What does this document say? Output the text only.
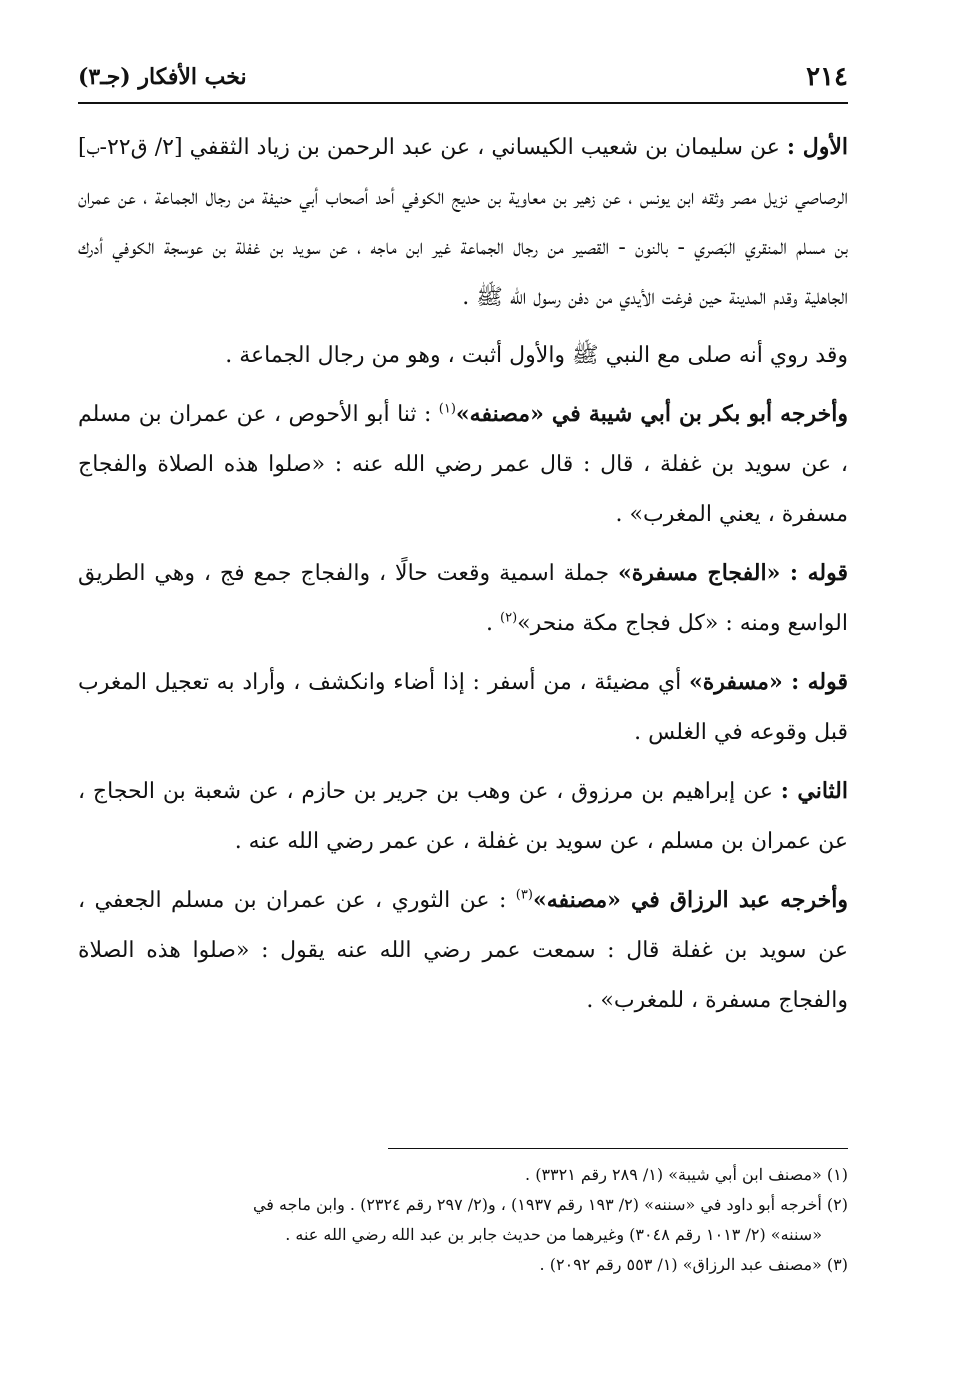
٢١٤
نخب الأفكار (جـ٣)

الأول : عن سليمان بن شعيب الكيساني ، عن عبد الرحمن بن زياد الثقفي [٢/ ق٢٢-ب] الرصاصي نزيل مصر وثقه ابن يونس ، عن زهير بن معاوية بن حديج الكوفي أحد أصحاب أبي حنيفة من رجال الجماعة ، عن عمران بن مسلم المنقري البَصري - بالنون - القصير من رجال الجماعة غير ابن ماجه ، عن سويد بن غفلة بن عوسجة الكوفي أدرك الجاهلية وقدم المدينة حين فرغت الأيدي من دفن رسول الله ﷺ .

وقد روي أنه صلى مع النبي ﷺ والأول أثبت ، وهو من رجال الجماعة .

وأخرجه أبو بكر بن أبي شيبة في «مصنفه»$^{(١)}$ : ثنا أبو الأحوص ، عن عمران بن مسلم ، عن سويد بن غفلة ، قال : قال عمر رضي الله عنه : «صلوا هذه الصلاة والفجاج مسفرة ، يعني المغرب» .

قوله : «الفجاج مسفرة» جملة اسمية وقعت حالًا ، والفجاج جمع فج ، وهي الطريق الواسع ومنه : «كل فجاج مكة منحر»$^{(٢)}$ .

قوله : «مسفرة» أي مضيئة ، من أسفر : إذا أضاء وانكشف ، وأراد به تعجيل المغرب قبل وقوعه في الغلس .

الثاني : عن إبراهيم بن مرزوق ، عن وهب بن جرير بن حازم ، عن شعبة بن الحجاج ، عن عمران بن مسلم ، عن سويد بن غفلة ، عن عمر رضي الله عنه .

وأخرجه عبد الرزاق في «مصنفه»$^{(٣)}$ : عن الثوري ، عن عمران بن مسلم الجعفي ، عن سويد بن غفلة قال : سمعت عمر رضي الله عنه يقول : «صلوا هذه الصلاة والفجاج مسفرة ، للمغرب» .

(١) «مصنف ابن أبي شيبة» (١/ ٢٨٩ رقم ٣٣٢١) .

(٢) أخرجه أبو داود في «سننه» (٢/ ١٩٣ رقم ١٩٣٧) ، و(٢/ ٢٩٧ رقم ٢٣٢٤) . وابن ماجه في

«سننه» (٢/ ١٠١٣ رقم ٣٠٤٨) وغيرهما من حديث جابر بن عبد الله رضي الله عنه .

(٣) «مصنف عبد الرزاق» (١/ ٥٥٣ رقم ٢٠٩٢) .
